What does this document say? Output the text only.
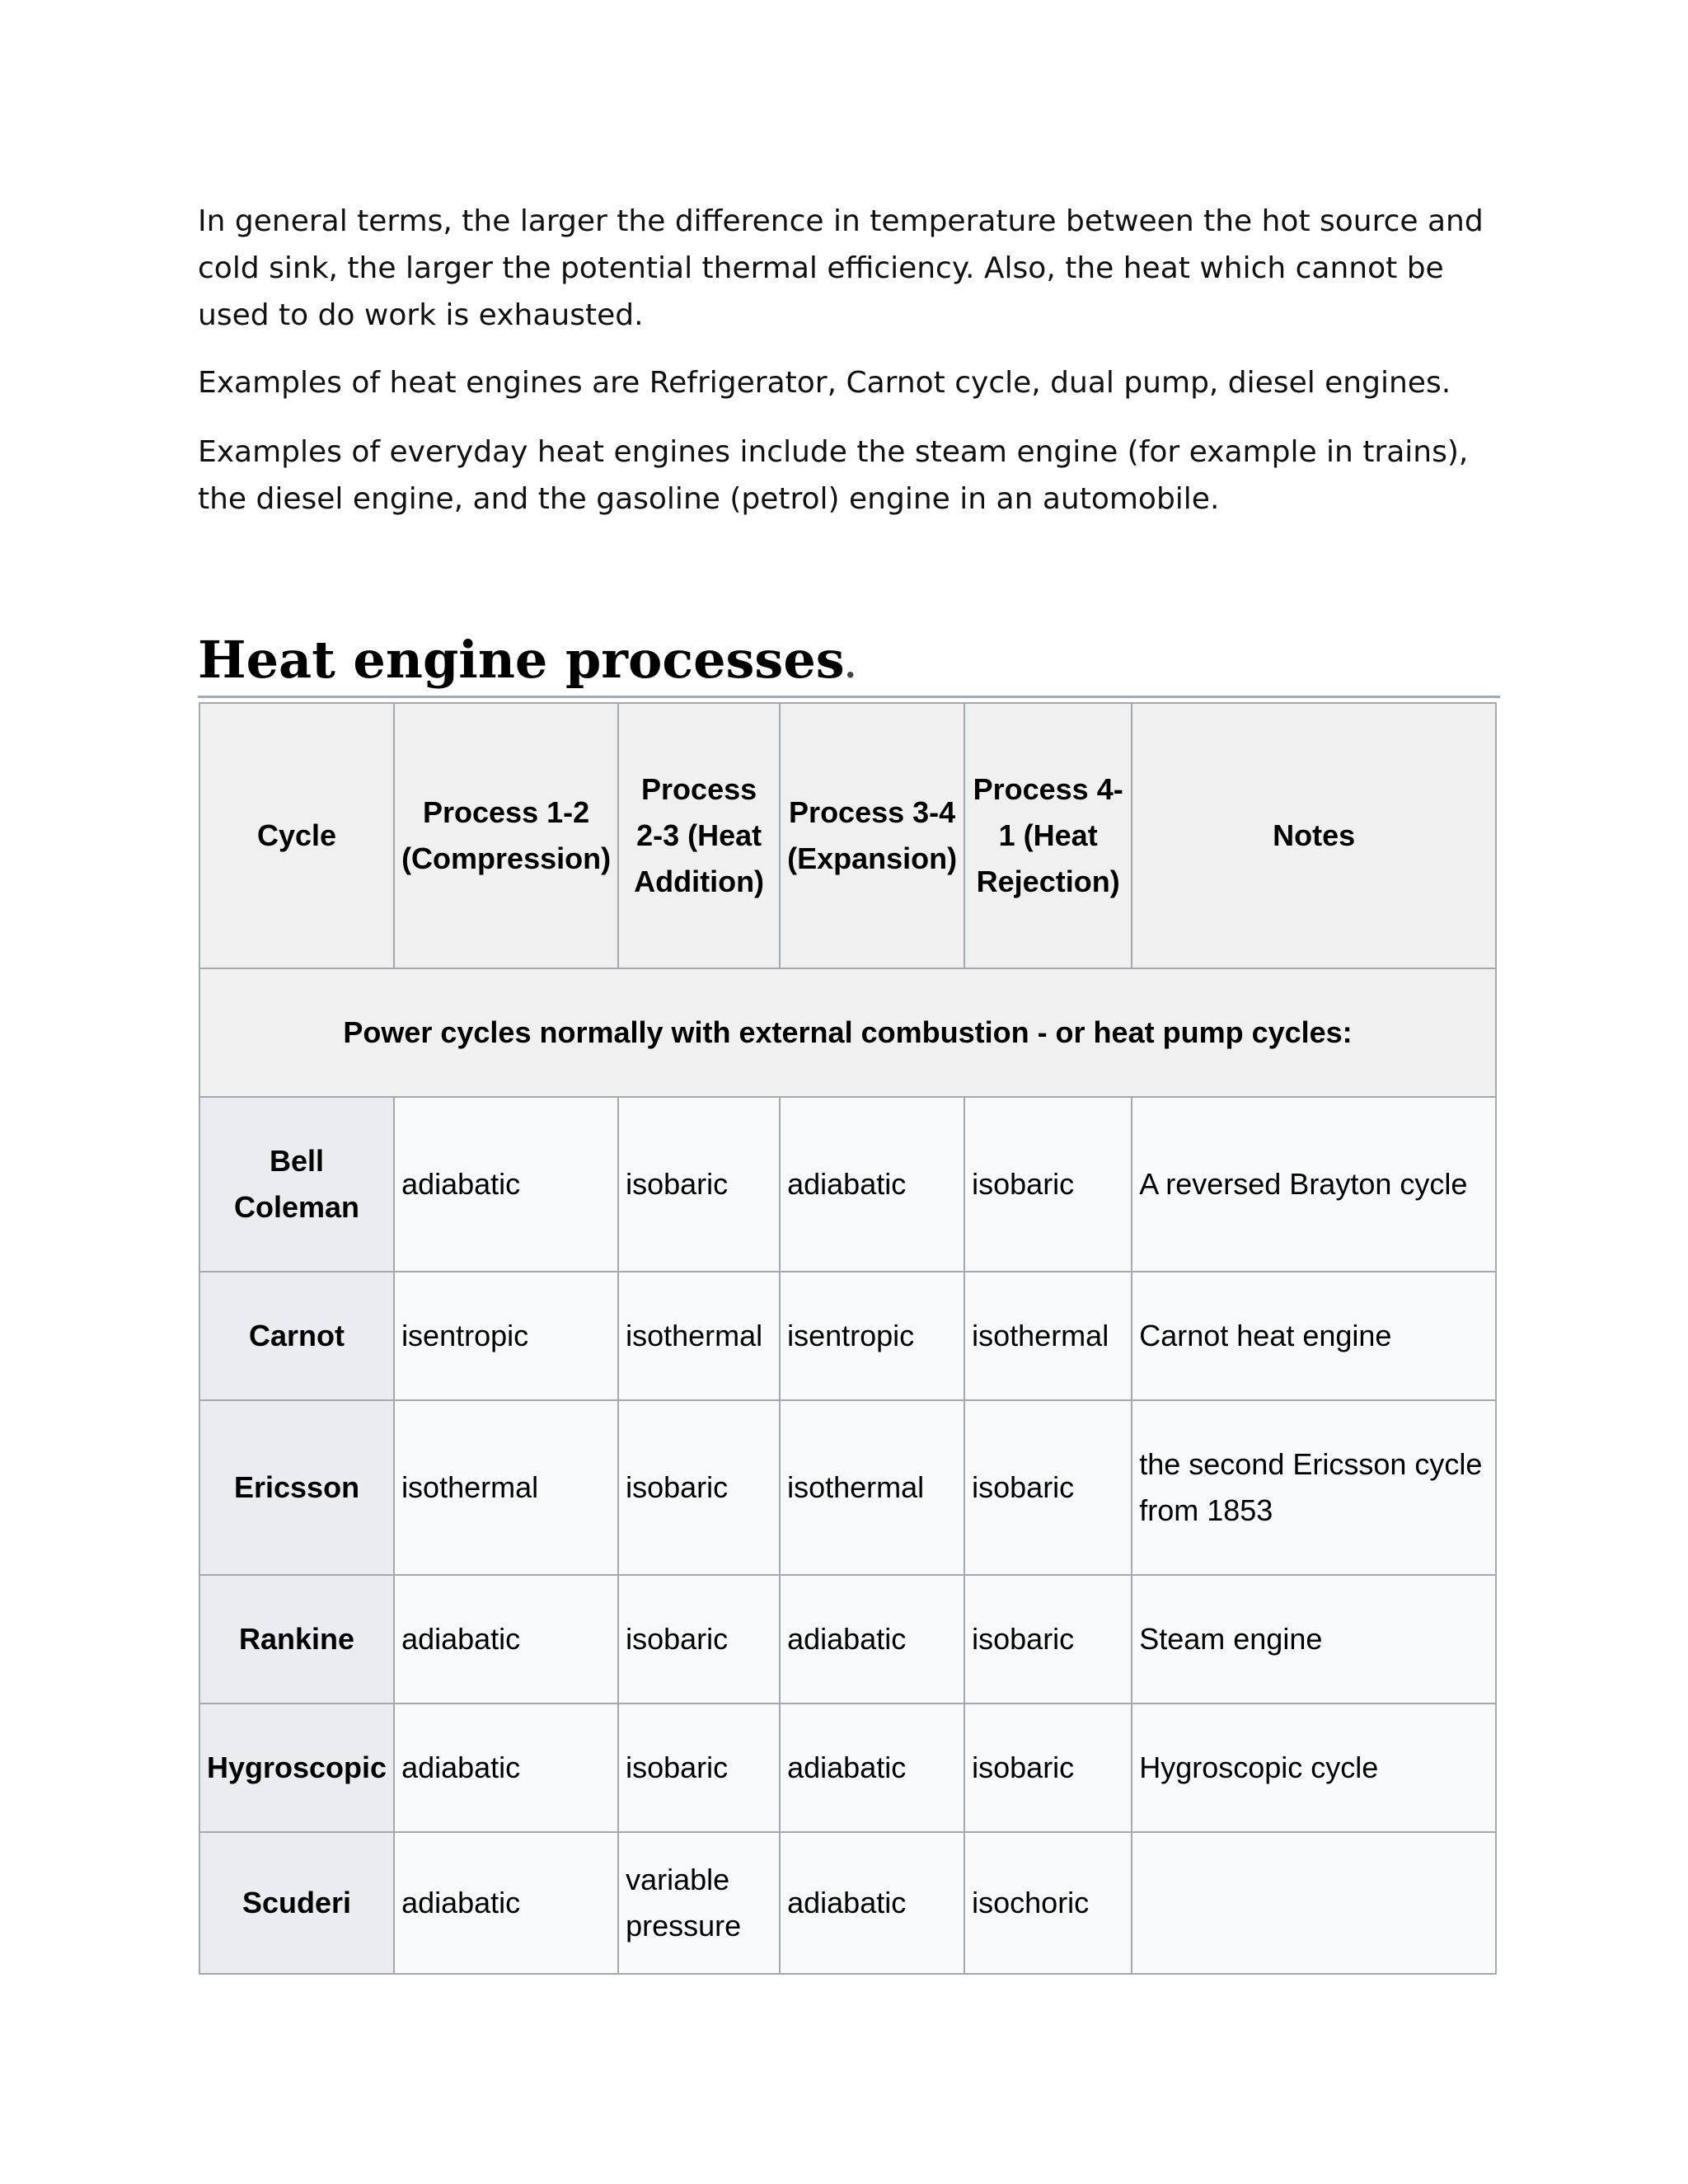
In general terms, the larger the difference in temperature between the hot source and cold sink, the larger the potential thermal efficiency. Also, the heat which cannot be used to do work is exhausted.

Examples of heat engines are Refrigerator, Carnot cycle, dual pump, diesel engines.

Examples of everyday heat engines include the steam engine (for example in trains), the diesel engine, and the gasoline (petrol) engine in an automobile.

Heat engine processes.
Cycle	Process 1-2 (Compression)	Process 2-3 (Heat Addition)	Process 3-4 (Expansion)	Process 4-1 (Heat Rejection)	Notes
Power cycles normally with external combustion - or heat pump cycles:					
Bell Coleman	adiabatic	isobaric	adiabatic	isobaric	A reversed Brayton cycle
Carnot	isentropic	isothermal	isentropic	isothermal	Carnot heat engine
Ericsson	isothermal	isobaric	isothermal	isobaric	the second Ericsson cycle from 1853
Rankine	adiabatic	isobaric	adiabatic	isobaric	Steam engine
Hygroscopic	adiabatic	isobaric	adiabatic	isobaric	Hygroscopic cycle
Scuderi	adiabatic	variable pressure	adiabatic	isochoric	
